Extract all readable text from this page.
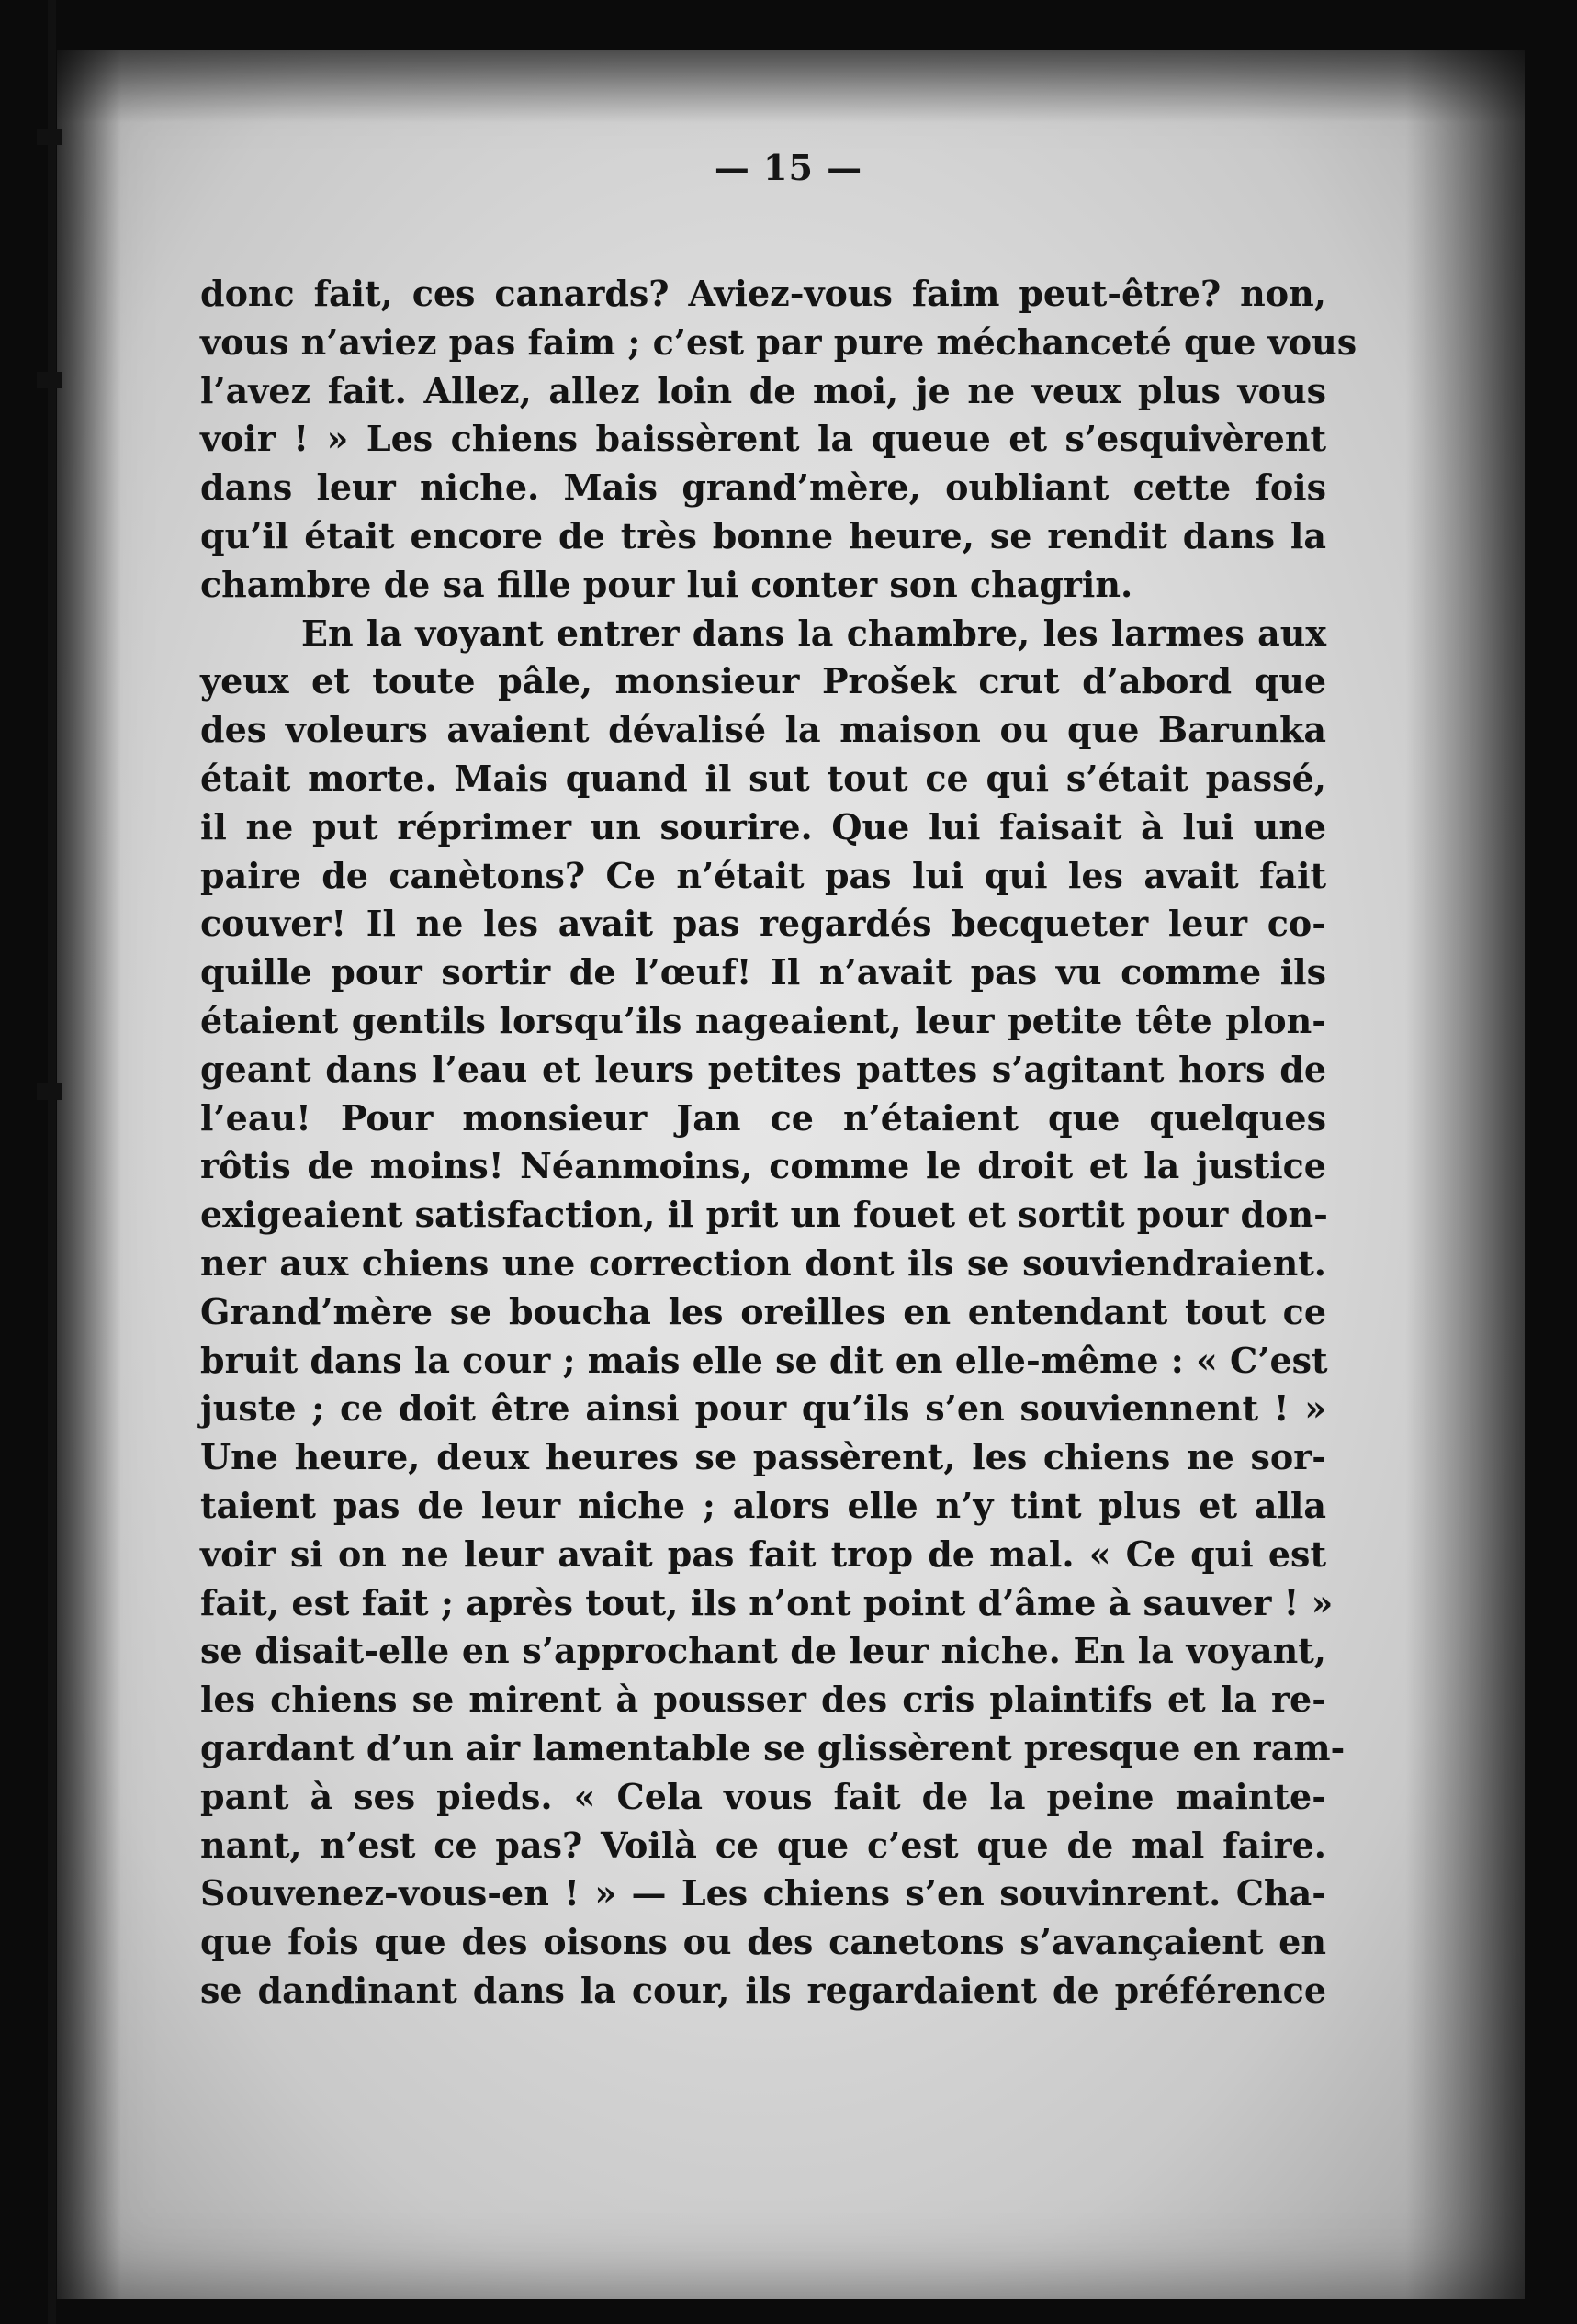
— 15 —
donc fait, ces canards? Aviez-vous faim peut-être? non,
vous n’aviez pas faim ; c’est par pure méchanceté que vous
l’avez fait. Allez, allez loin de moi, je ne veux plus vous
voir ! » Les chiens baissèrent la queue et s’esquivèrent
dans leur niche. Mais grand’mère, oubliant cette fois
qu’il était encore de très bonne heure, se rendit dans la
chambre de sa fille pour lui conter son chagrin.
En la voyant entrer dans la chambre, les larmes aux
yeux et toute pâle, monsieur Prošek crut d’abord que
des voleurs avaient dévalisé la maison ou que Barunka
était morte. Mais quand il sut tout ce qui s’était passé,
il ne put réprimer un sourire. Que lui faisait à lui une
paire de canètons? Ce n’était pas lui qui les avait fait
couver! Il ne les avait pas regardés becqueter leur co-
quille pour sortir de l’œuf! Il n’avait pas vu comme ils
étaient gentils lorsqu’ils nageaient, leur petite tête plon-
geant dans l’eau et leurs petites pattes s’agitant hors de
l’eau! Pour monsieur Jan ce n’étaient que quelques
rôtis de moins! Néanmoins, comme le droit et la justice
exigeaient satisfaction, il prit un fouet et sortit pour don-
ner aux chiens une correction dont ils se souviendraient.
Grand’mère se boucha les oreilles en entendant tout ce
bruit dans la cour ; mais elle se dit en elle-même : « C’est
juste ; ce doit être ainsi pour qu’ils s’en souviennent ! »
Une heure, deux heures se passèrent, les chiens ne sor-
taient pas de leur niche ; alors elle n’y tint plus et alla
voir si on ne leur avait pas fait trop de mal. « Ce qui est
fait, est fait ; après tout, ils n’ont point d’âme à sauver ! »
se disait-elle en s’approchant de leur niche. En la voyant,
les chiens se mirent à pousser des cris plaintifs et la re-
gardant d’un air lamentable se glissèrent presque en ram-
pant à ses pieds. « Cela vous fait de la peine mainte-
nant, n’est ce pas? Voilà ce que c’est que de mal faire.
Souvenez-vous-en ! » — Les chiens s’en souvinrent. Cha-
que fois que des oisons ou des canetons s’avançaient en
se dandinant dans la cour, ils regardaient de préférence
